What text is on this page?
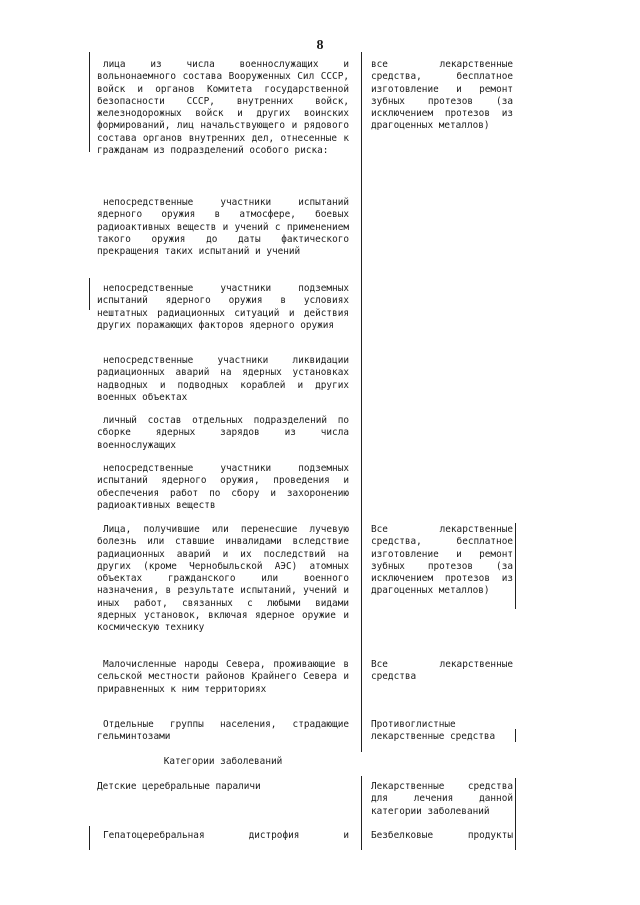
8
лица из числа военнослужащих и вольнонаемного состава Вооруженных Сил СССР, войск и органов Комитета государственной безопасности СССР, внутренних войск, железнодорожных войск и других воинских формирований, лиц начальствующего и рядового состава органов внутренних дел, отнесенные к гражданам из подразделений особого риска:
все лекарственные средства, бесплатное изготовление и ремонт зубных протезов (за исключением протезов из драгоценных металлов)
непосредственные участники испытаний ядерного оружия в атмосфере, боевых радиоактивных веществ и учений с применением такого оружия до даты фактического прекращения таких испытаний и учений
непосредственные участники подземных испытаний ядерного оружия в условиях нештатных радиационных ситуаций и действия других поражающих факторов ядерного оружия
непосредственные участники ликвидации радиационных аварий на ядерных установках надводных и подводных кораблей и других военных объектах
личный состав отдельных подразделений по сборке ядерных зарядов из числа военнослужащих
непосредственные участники подземных испытаний ядерного оружия, проведения и обеспечения работ по сбору и захоронению радиоактивных веществ
Лица, получившие или перенесшие лучевую болезнь или ставшие инвалидами вследствие радиационных аварий и их последствий на других (кроме Чернобыльской АЭС) атомных объектах гражданского или военного назначения, в результате испытаний, учений и иных работ, связанных с любыми видами ядерных установок, включая ядерное оружие и космическую технику
Все лекарственные средства, бесплатное изготовление и ремонт зубных протезов (за исключением протезов из драгоценных металлов)
Малочисленные народы Севера, проживающие в сельской местности районов Крайнего Севера и приравненных к ним территориях
Все лекарственные средства
Отдельные группы населения, страдающие гельминтозами
Противоглистные лекарственные средства
Категории заболеваний
Детские церебральные параличи	Лекарственные средства для лечения данной категории заболеваний
Гепатоцеребральная дистрофия и Безбелковые продукты
